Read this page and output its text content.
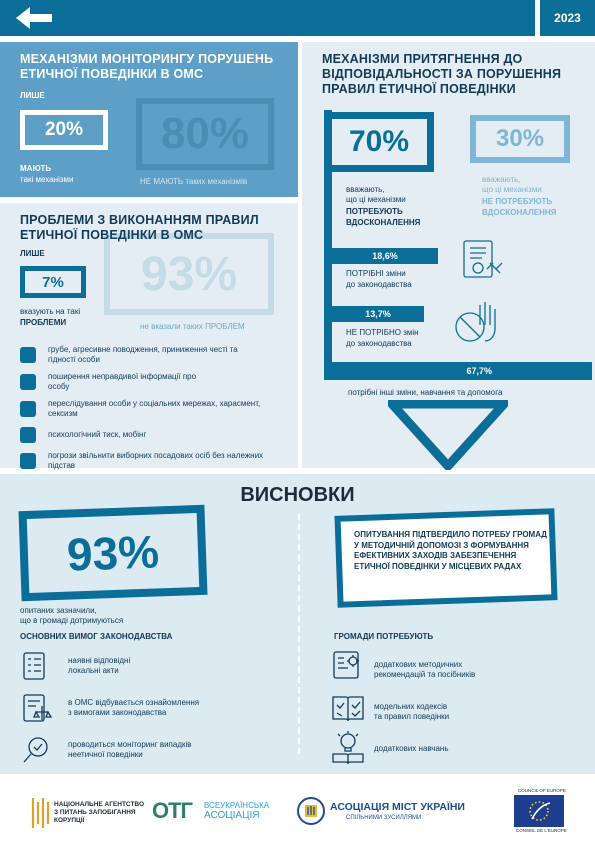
2023
МЕХАНІЗМИ МОНІТОРИНГУ ПОРУШЕНЬ ЕТИЧНОЇ ПОВЕДІНКИ В ОМС
ЛИШЕ
20%
МАЮТЬ
такі механізми
80%
НЕ МАЮТЬ таких механізмів
ПРОБЛЕМИ З ВИКОНАННЯМ ПРАВИЛ ЕТИЧНОЇ ПОВЕДІНКИ В ОМС
ЛИШЕ
7%
вказують на такі
ПРОБЛЕМИ
93%
не вказали таких ПРОБЛЕМ
грубе, агресивне поводження, приниження честі та гідності особи
поширення неправдивої інформації про особу
переслідування особи у соціальних мережах, харасмент, сексизм
психологічний тиск, мобінг
погрози звільнити виборних посадових осіб без належних підстав
МЕХАНІЗМИ ПРИТЯГНЕННЯ ДО ВІДПОВІДАЛЬНОСТІ ЗА ПОРУШЕННЯ ПРАВИЛ ЕТИЧНОЇ ПОВЕДІНКИ
70%
вважають,
що ці механізми
ПОТРЕБУЮТЬ
ВДОСКОНАЛЕННЯ
30%
вважають,
що ці механізми
НЕ ПОТРЕБУЮТЬ
ВДОСКОНАЛЕННЯ
18,6%
ПОТРІБНІ зміни
до законодавства
13,7%
НЕ ПОТРІБНО змін
до законодавства
67,7%
потрібні інші зміни, навчання та допомога
ВИСНОВКИ
93%
опитаних зазначили,
що в громаді дотримуються
ОСНОВНИХ ВИМОГ ЗАКОНОДАВСТВА
наявні відповідні
локальні акти
в ОМС відбувається ознайомлення
з вимогами законодавства
проводиться моніторинг випадків
неетичної поведінки
ОПИТУВАННЯ ПІДТВЕРДИЛО ПОТРЕБУ ГРОМАД У МЕТОДИЧНІЙ ДОПОМОЗІ З ФОРМУВАННЯ ЕФЕКТИВНИХ ЗАХОДІВ ЗАБЕЗПЕЧЕННЯ ЕТИЧНОЇ ПОВЕДІНКИ У МІСЦЕВИХ РАДАХ
ГРОМАДИ ПОТРЕБУЮТЬ
додаткових методичних
рекомендацій та посібників
модельних кодексів
та правил поведінки
додаткових навчань
НАЦІОНАЛЬНЕ АГЕНТСТВО
З ПИТАНЬ ЗАПОБІГАННЯ
КОРУПЦІЇ	ОТГ ВСЕУКРАЇНСЬКА
АСОЦІАЦІЯ
АСОЦІАЦІЯ МІСТ УКРАЇНИ
СПІЛЬНИМИ ЗУСИЛЛЯМИ
COUNCIL OF EUROPE
CONSEIL DE L'EUROPE
